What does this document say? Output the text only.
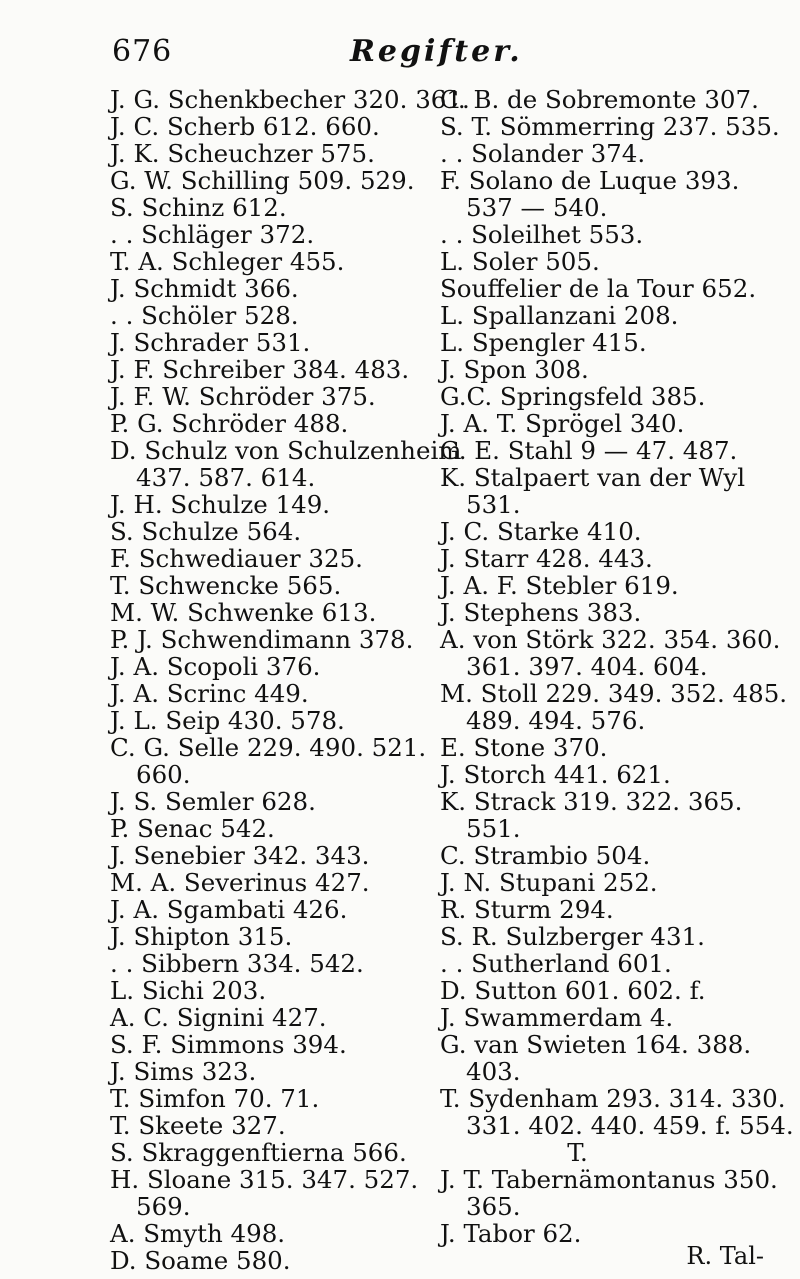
676	Regifter.
J. G. Schenkbecher 320. 361.
J. C. Scherb 612. 660.
J. K. Scheuchzer 575.
G. W. Schilling 509. 529.
S. Schinz 612.
. . Schläger 372.
T. A. Schleger 455.
J. Schmidt 366.
. . Schöler 528.
J. Schrader 531.
J. F. Schreiber 384. 483.
J. F. W. Schröder 375.
P. G. Schröder 488.
D. Schulz von Schulzenheim
437. 587. 614.
J. H. Schulze 149.
S. Schulze 564.
F. Schwediauer 325.
T. Schwencke 565.
M. W. Schwenke 613.
P. J. Schwendimann 378.
J. A. Scopoli 376.
J. A. Scrinc 449.
J. L. Seip 430. 578.
C. G. Selle 229. 490. 521.
660.
J. S. Semler 628.
P. Senac 542.
J. Senebier 342. 343.
M. A. Severinus 427.
J. A. Sgambati 426.
J. Shipton 315.
. . Sibbern 334. 542.
L. Sichi 203.
A. C. Signini 427.
S. F. Simmons 394.
J. Sims 323.
T. Simfon 70. 71.
T. Skeete 327.
S. Skraggenftierna 566.
H. Sloane 315. 347. 527.
569.
A. Smyth 498.
D. Soame 580.
C. B. de Sobremonte 307.
S. T. Sömmerring 237. 535.
. . Solander 374.
F. Solano de Luque 393.
537 — 540.
. . Soleilhet 553.
L. Soler 505.
Souffelier de la Tour 652.
L. Spallanzani 208.
L. Spengler 415.
J. Spon 308.
G.C. Springsfeld 385.
J. A. T. Sprögel 340.
G. E. Stahl 9 — 47. 487.
K. Stalpaert van der Wyl
531.
J. C. Starke 410.
J. Starr 428. 443.
J. A. F. Stebler 619.
J. Stephens 383.
A. von Störk 322. 354. 360.
361. 397. 404. 604.
M. Stoll 229. 349. 352. 485.
489. 494. 576.
E. Stone 370.
J. Storch 441. 621.
K. Strack 319. 322. 365.
551.
C. Strambio 504.
J. N. Stupani 252.
R. Sturm 294.
S. R. Sulzberger 431.
. . Sutherland 601.
D. Sutton 601. 602. f.
J. Swammerdam 4.
G. van Swieten 164. 388.
403.
T. Sydenham 293. 314. 330.
331. 402. 440. 459. f. 554.
T.
J. T. Tabernämontanus 350.
365.
J. Tabor 62.
R. Tal-
